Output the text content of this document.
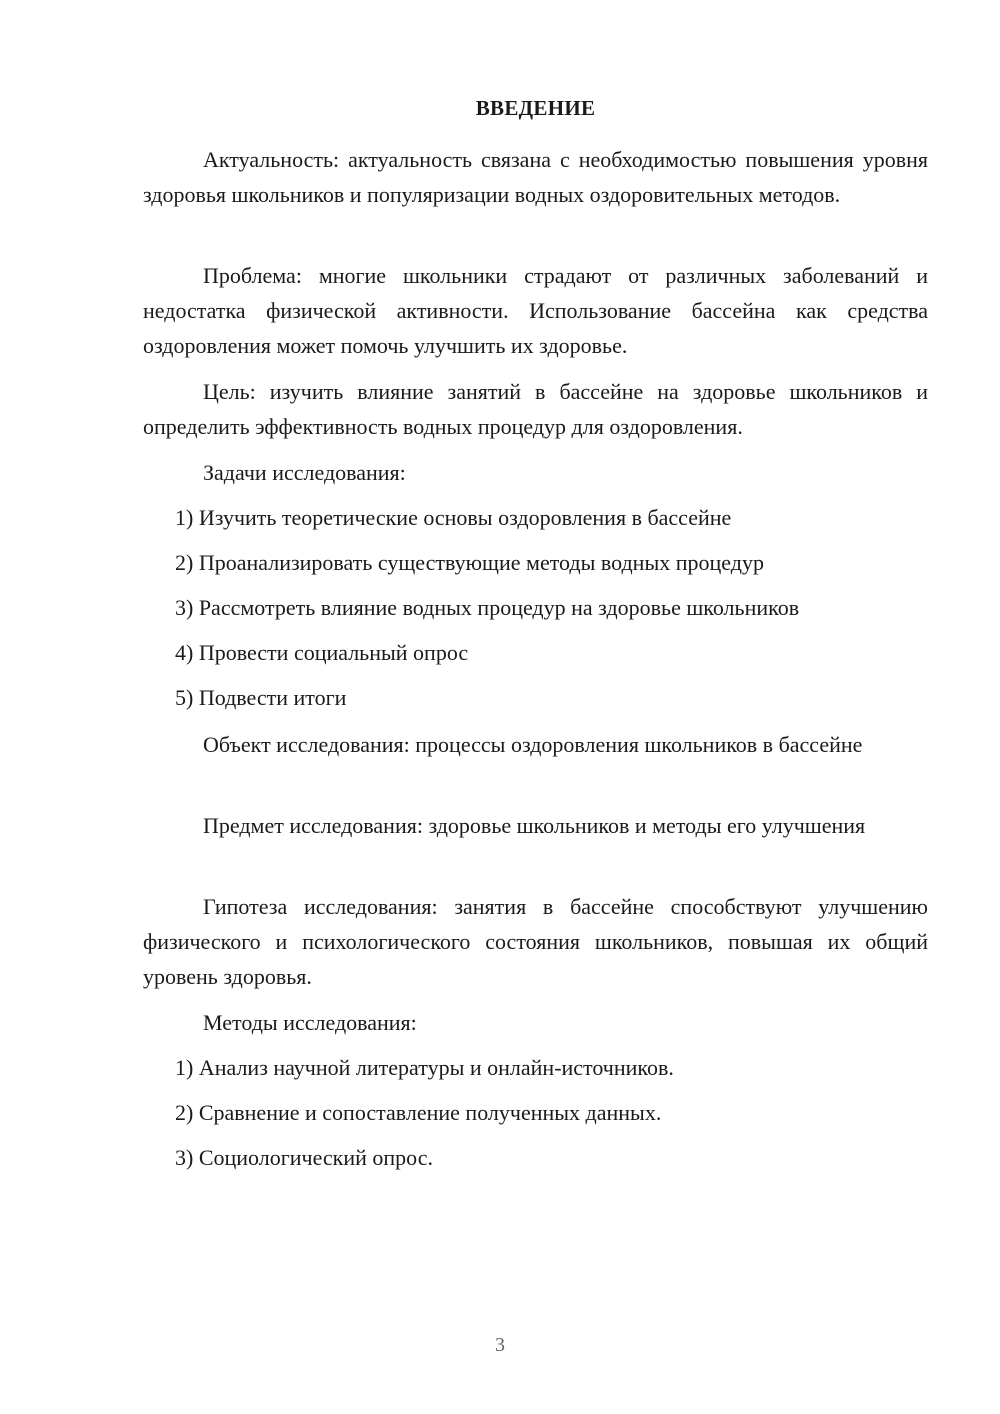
ВВЕДЕНИЕ
Актуальность: актуальность связана с необходимостью повышения уровня здоровья школьников и популяризации водных оздоровительных методов.
Проблема: многие школьники страдают от различных заболеваний и недостатка физической активности. Использование бассейна как средства оздоровления может помочь улучшить их здоровье.
Цель: изучить влияние занятий в бассейне на здоровье школьников и определить эффективность водных процедур для оздоровления.
Задачи исследования:
1) Изучить теоретические основы оздоровления в бассейне
2) Проанализировать существующие методы водных процедур
3) Рассмотреть влияние водных процедур на здоровье школьников
4) Провести социальный опрос
5) Подвести итоги
Объект исследования: процессы оздоровления школьников в бассейне
Предмет исследования: здоровье школьников и методы его улучшения
Гипотеза исследования: занятия в бассейне способствуют улучшению физического и психологического состояния школьников, повышая их общий уровень здоровья.
Методы исследования:
1) Анализ научной литературы и онлайн-источников.
2) Сравнение и сопоставление полученных данных.
3) Социологический опрос.
3
